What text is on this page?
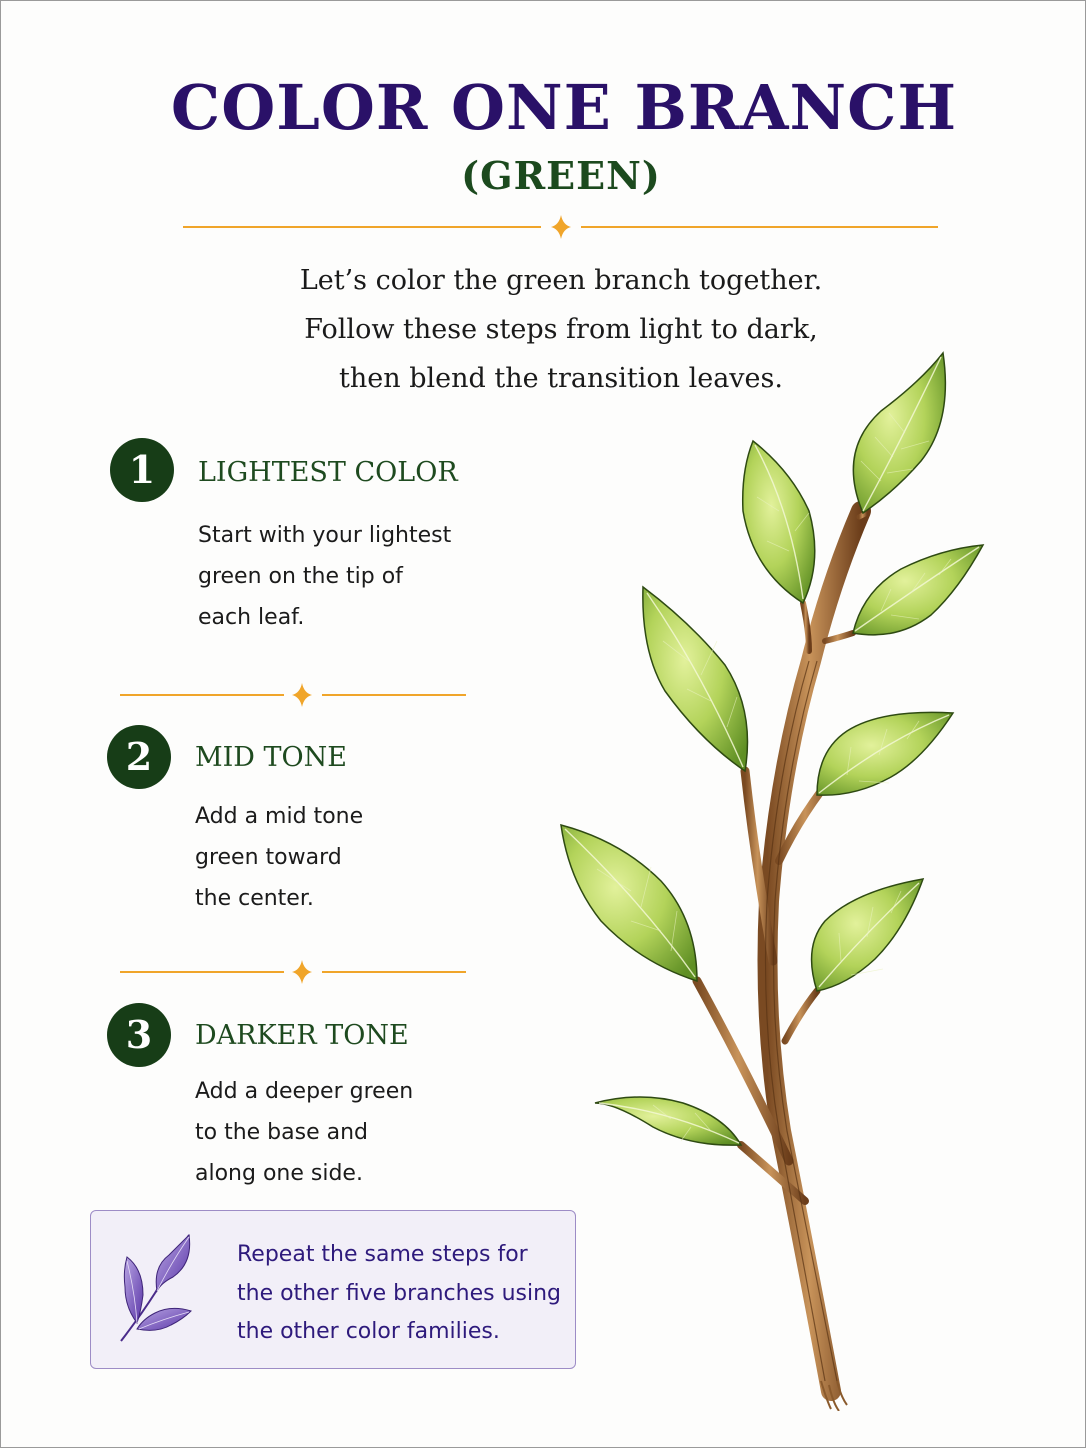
COLOR ONE BRANCH
(GREEN)
Let’s color the green branch together.
Follow these steps from light to dark,
then blend the transition leaves.
1	LIGHTEST COLOR
Start with your lightest
green on the tip of
each leaf.
2	MID TONE
Add a mid tone
green toward
the center.
3	DARKER TONE
Add a deeper green
to the base and
along one side.
Repeat the same steps for
the other five branches using
the other color families.
